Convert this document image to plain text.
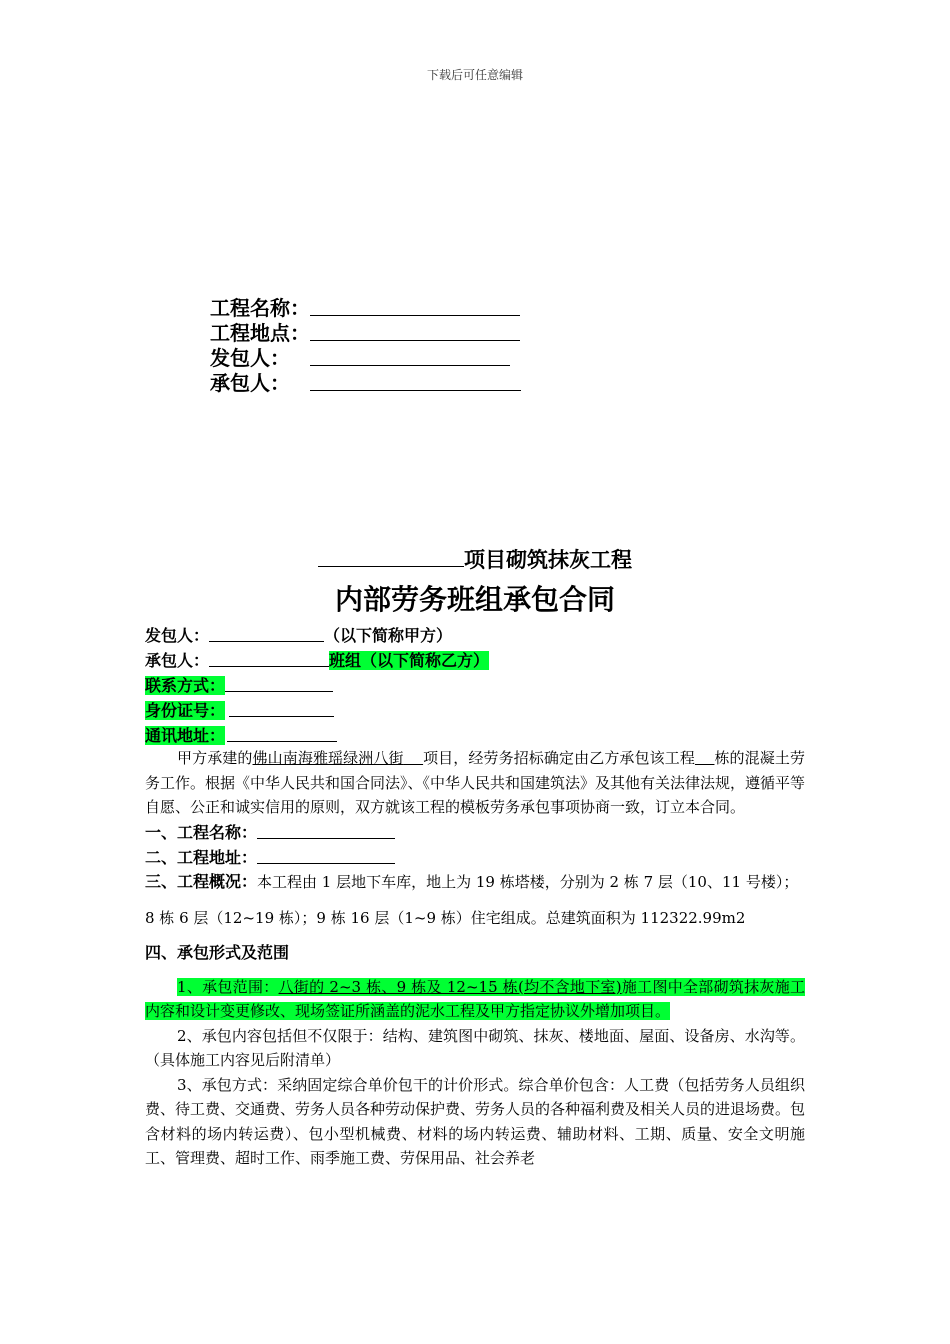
下载后可任意编辑
工程名称：
工程地点：
发包人：
承包人：
项目砌筑抹灰工程
内部劳务班组承包合同
发包人：	（以下简称甲方）
承包人：	班组（以下简称乙方）
联系方式：
身份证号：
通讯地址：
甲方承建的佛山南海雅瑶绿洲八街 项目，经劳务招标确定由乙方承包该工程 栋的混凝土劳务工作。根据《中华人民共和国合同法》、《中华人民共和国建筑法》及其他有关法律法规，遵循平等自愿、公正和诚实信用的原则，双方就该工程的模板劳务承包事项协商一致，订立本合同。
一、工程名称：
二、工程地址：
三、工程概况：本工程由 1 层地下车库，地上为 19 栋塔楼，分别为 2 栋 7 层（10、11 号楼）；8 栋 6 层（12~19 栋）；9 栋 16 层（1~9 栋）住宅组成。总建筑面积为 112322.99m2
四、承包形式及范围
1、承包范围：八街的 2~3 栋、9 栋及 12~15 栋(均不含地下室)施工图中全部砌筑抹灰施工内容和设计变更修改、现场签证所涵盖的泥水工程及甲方指定协议外增加项目。
2、承包内容包括但不仅限于：结构、建筑图中砌筑、抹灰、楼地面、屋面、设备房、水沟等。（具体施工内容见后附清单）
3、承包方式：采纳固定综合单价包干的计价形式。综合单价包含：人工费（包括劳务人员组织费、待工费、交通费、劳务人员各种劳动保护费、劳务人员的各种福利费及相关人员的进退场费。包含材料的场内转运费）、包小型机械费、材料的场内转运费、辅助材料、工期、质量、安全文明施工、管理费、超时工作、雨季施工费、劳保用品、社会养老
